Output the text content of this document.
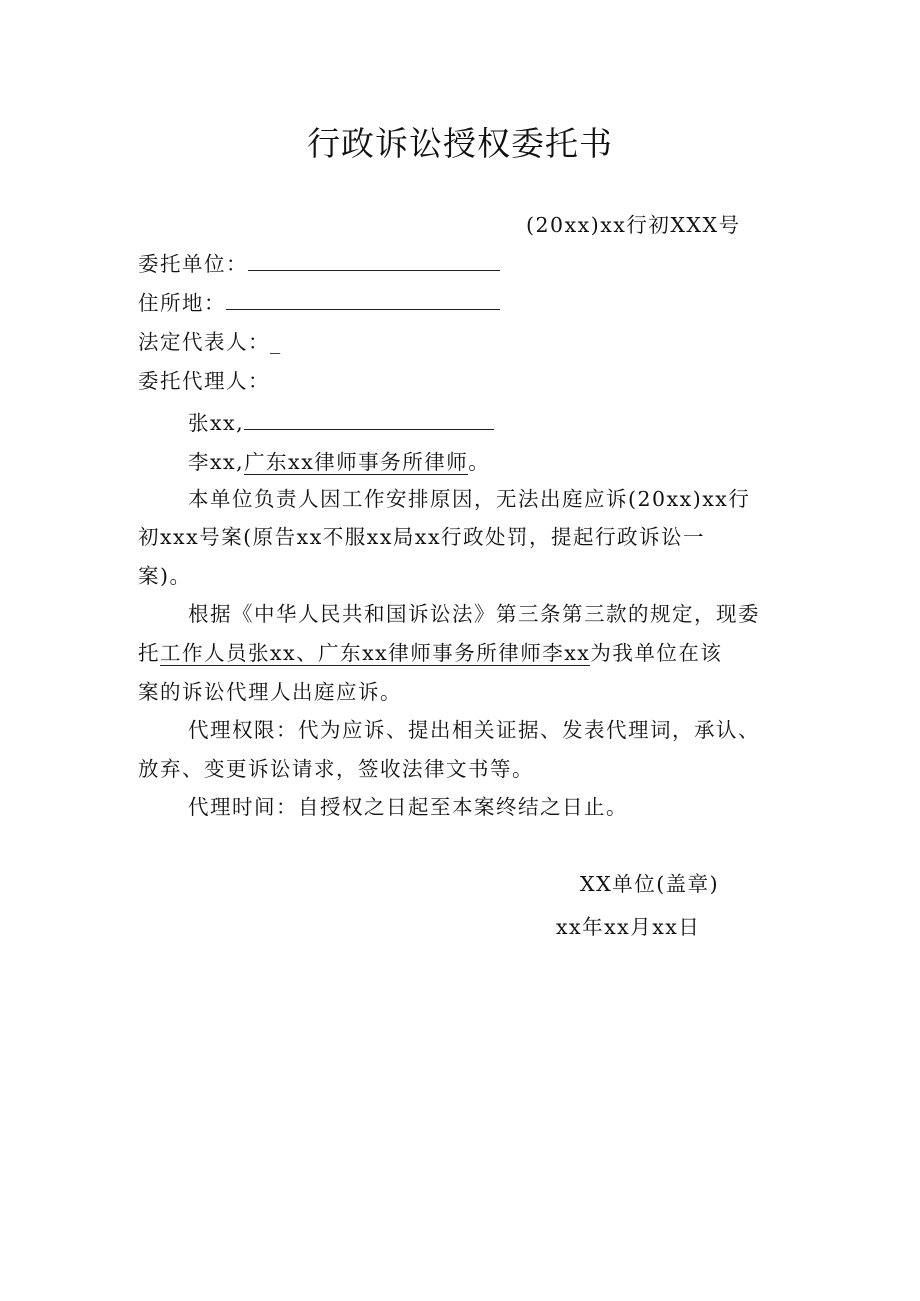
行政诉讼授权委托书
(20xx)xx行初XXX号
委托单位：
住所地：
法定代表人：_
委托代理人：
张xx,
李xx,广东xx律师事务所律师。
本单位负责人因工作安排原因，无法出庭应诉(20xx)xx行
初xxx号案(原告xx不服xx局xx行政处罚，提起行政诉讼一
案)。
根据《中华人民共和国诉讼法》第三条第三款的规定，现委
托工作人员张xx、广东xx律师事务所律师李xx为我单位在该
案的诉讼代理人出庭应诉。
代理权限：代为应诉、提出相关证据、发表代理词，承认、
放弃、变更诉讼请求，签收法律文书等。
代理时间：自授权之日起至本案终结之日止。
XX单位(盖章)
xx年xx月xx日
